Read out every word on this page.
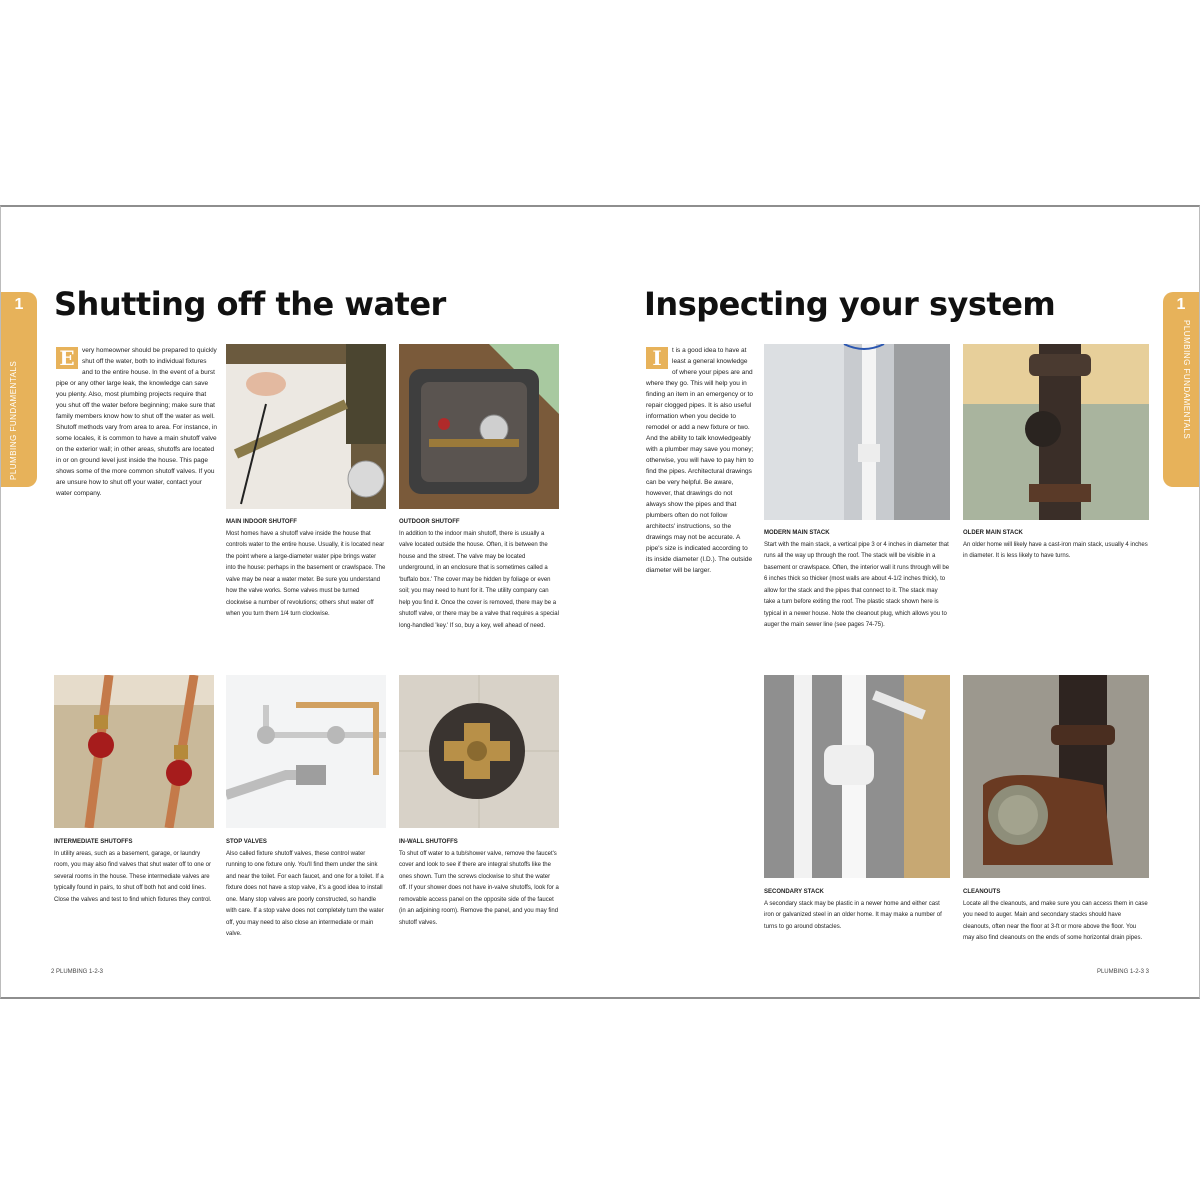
1
PLUMBING FUNDAMENTALS
Shutting off the water
E	very homeowner should be prepared to quickly shut off the water, both to individual fixtures and to the entire house. In the event of a burst pipe or any other large leak, the knowledge can save you plenty. Also, most plumbing projects require that you shut off the water before beginning; make sure that family members know how to shut off the water as well. Shutoff methods vary from area to area. For instance, in some locales, it is common to have a main shutoff valve on the exterior wall; in other areas, shutoffs are located in or on ground level just inside the house. This page shows some of the more common shutoff valves. If you are unsure how to shut off your water, contact your water company.
MAIN INDOOR SHUTOFF
Most homes have a shutoff valve inside the house that controls water to the entire house. Usually, it is located near the point where a large-diameter water pipe brings water into the house: perhaps in the basement or crawlspace. The valve may be near a water meter. Be sure you understand how the valve works. Some valves must be turned clockwise a number of revolutions; others shut water off when you turn them 1/4 turn clockwise.
OUTDOOR SHUTOFF
In addition to the indoor main shutoff, there is usually a valve located outside the house. Often, it is between the house and the street. The valve may be located underground, in an enclosure that is sometimes called a 'buffalo box.' The cover may be hidden by foliage or even soil; you may need to hunt for it. The utility company can help you find it. Once the cover is removed, there may be a shutoff valve, or there may be a valve that requires a special long-handled 'key.' If so, buy a key, well ahead of need.
INTERMEDIATE SHUTOFFS
In utility areas, such as a basement, garage, or laundry room, you may also find valves that shut water off to one or several rooms in the house. These intermediate valves are typically found in pairs, to shut off both hot and cold lines. Close the valves and test to find which fixtures they control.
STOP VALVES
Also called fixture shutoff valves, these control water running to one fixture only. You'll find them under the sink and near the toilet. For each faucet, and one for a toilet. If a fixture does not have a stop valve, it's a good idea to install one. Many stop valves are poorly constructed, so handle with care. If a stop valve does not completely turn the water off, you may need to also close an intermediate or main valve.
IN-WALL SHUTOFFS
To shut off water to a tub/shower valve, remove the faucet's cover and look to see if there are integral shutoffs like the ones shown. Turn the screws clockwise to shut the water off. If your shower does not have in-valve shutoffs, look for a removable access panel on the opposite side of the faucet (in an adjoining room). Remove the panel, and you may find shutoff valves.
2 PLUMBING 1-2-3
1
PLUMBING FUNDAMENTALS
Inspecting your system
I	t is a good idea to have at least a general knowledge of where your pipes are and where they go. This will help you in finding an item in an emergency or to repair clogged pipes. It is also useful information when you decide to remodel or add a new fixture or two. And the ability to talk knowledgeably with a plumber may save you money; otherwise, you will have to pay him to find the pipes. Architectural drawings can be very helpful. Be aware, however, that drawings do not always show the pipes and that plumbers often do not follow architects' instructions, so the drawings may not be accurate. A pipe's size is indicated according to its inside diameter (I.D.). The outside diameter will be larger.
MODERN MAIN STACK
Start with the main stack, a vertical pipe 3 or 4 inches in diameter that runs all the way up through the roof. The stack will be visible in a basement or crawlspace. Often, the interior wall it runs through will be 6 inches thick so thicker (most walls are about 4-1/2 inches thick), to allow for the stack and the pipes that connect to it. The stack may take a turn before exiting the roof. The plastic stack shown here is typical in a newer house. Note the cleanout plug, which allows you to auger the main sewer line (see pages 74-75).
OLDER MAIN STACK
An older home will likely have a cast-iron main stack, usually 4 inches in diameter. It is less likely to have turns.
SECONDARY STACK
A secondary stack may be plastic in a newer home and either cast iron or galvanized steel in an older home. It may make a number of turns to go around obstacles.
CLEANOUTS
Locate all the cleanouts, and make sure you can access them in case you need to auger. Main and secondary stacks should have cleanouts, often near the floor at 3-ft or more above the floor. You may also find cleanouts on the ends of some horizontal drain pipes.
PLUMBING 1-2-3 3
